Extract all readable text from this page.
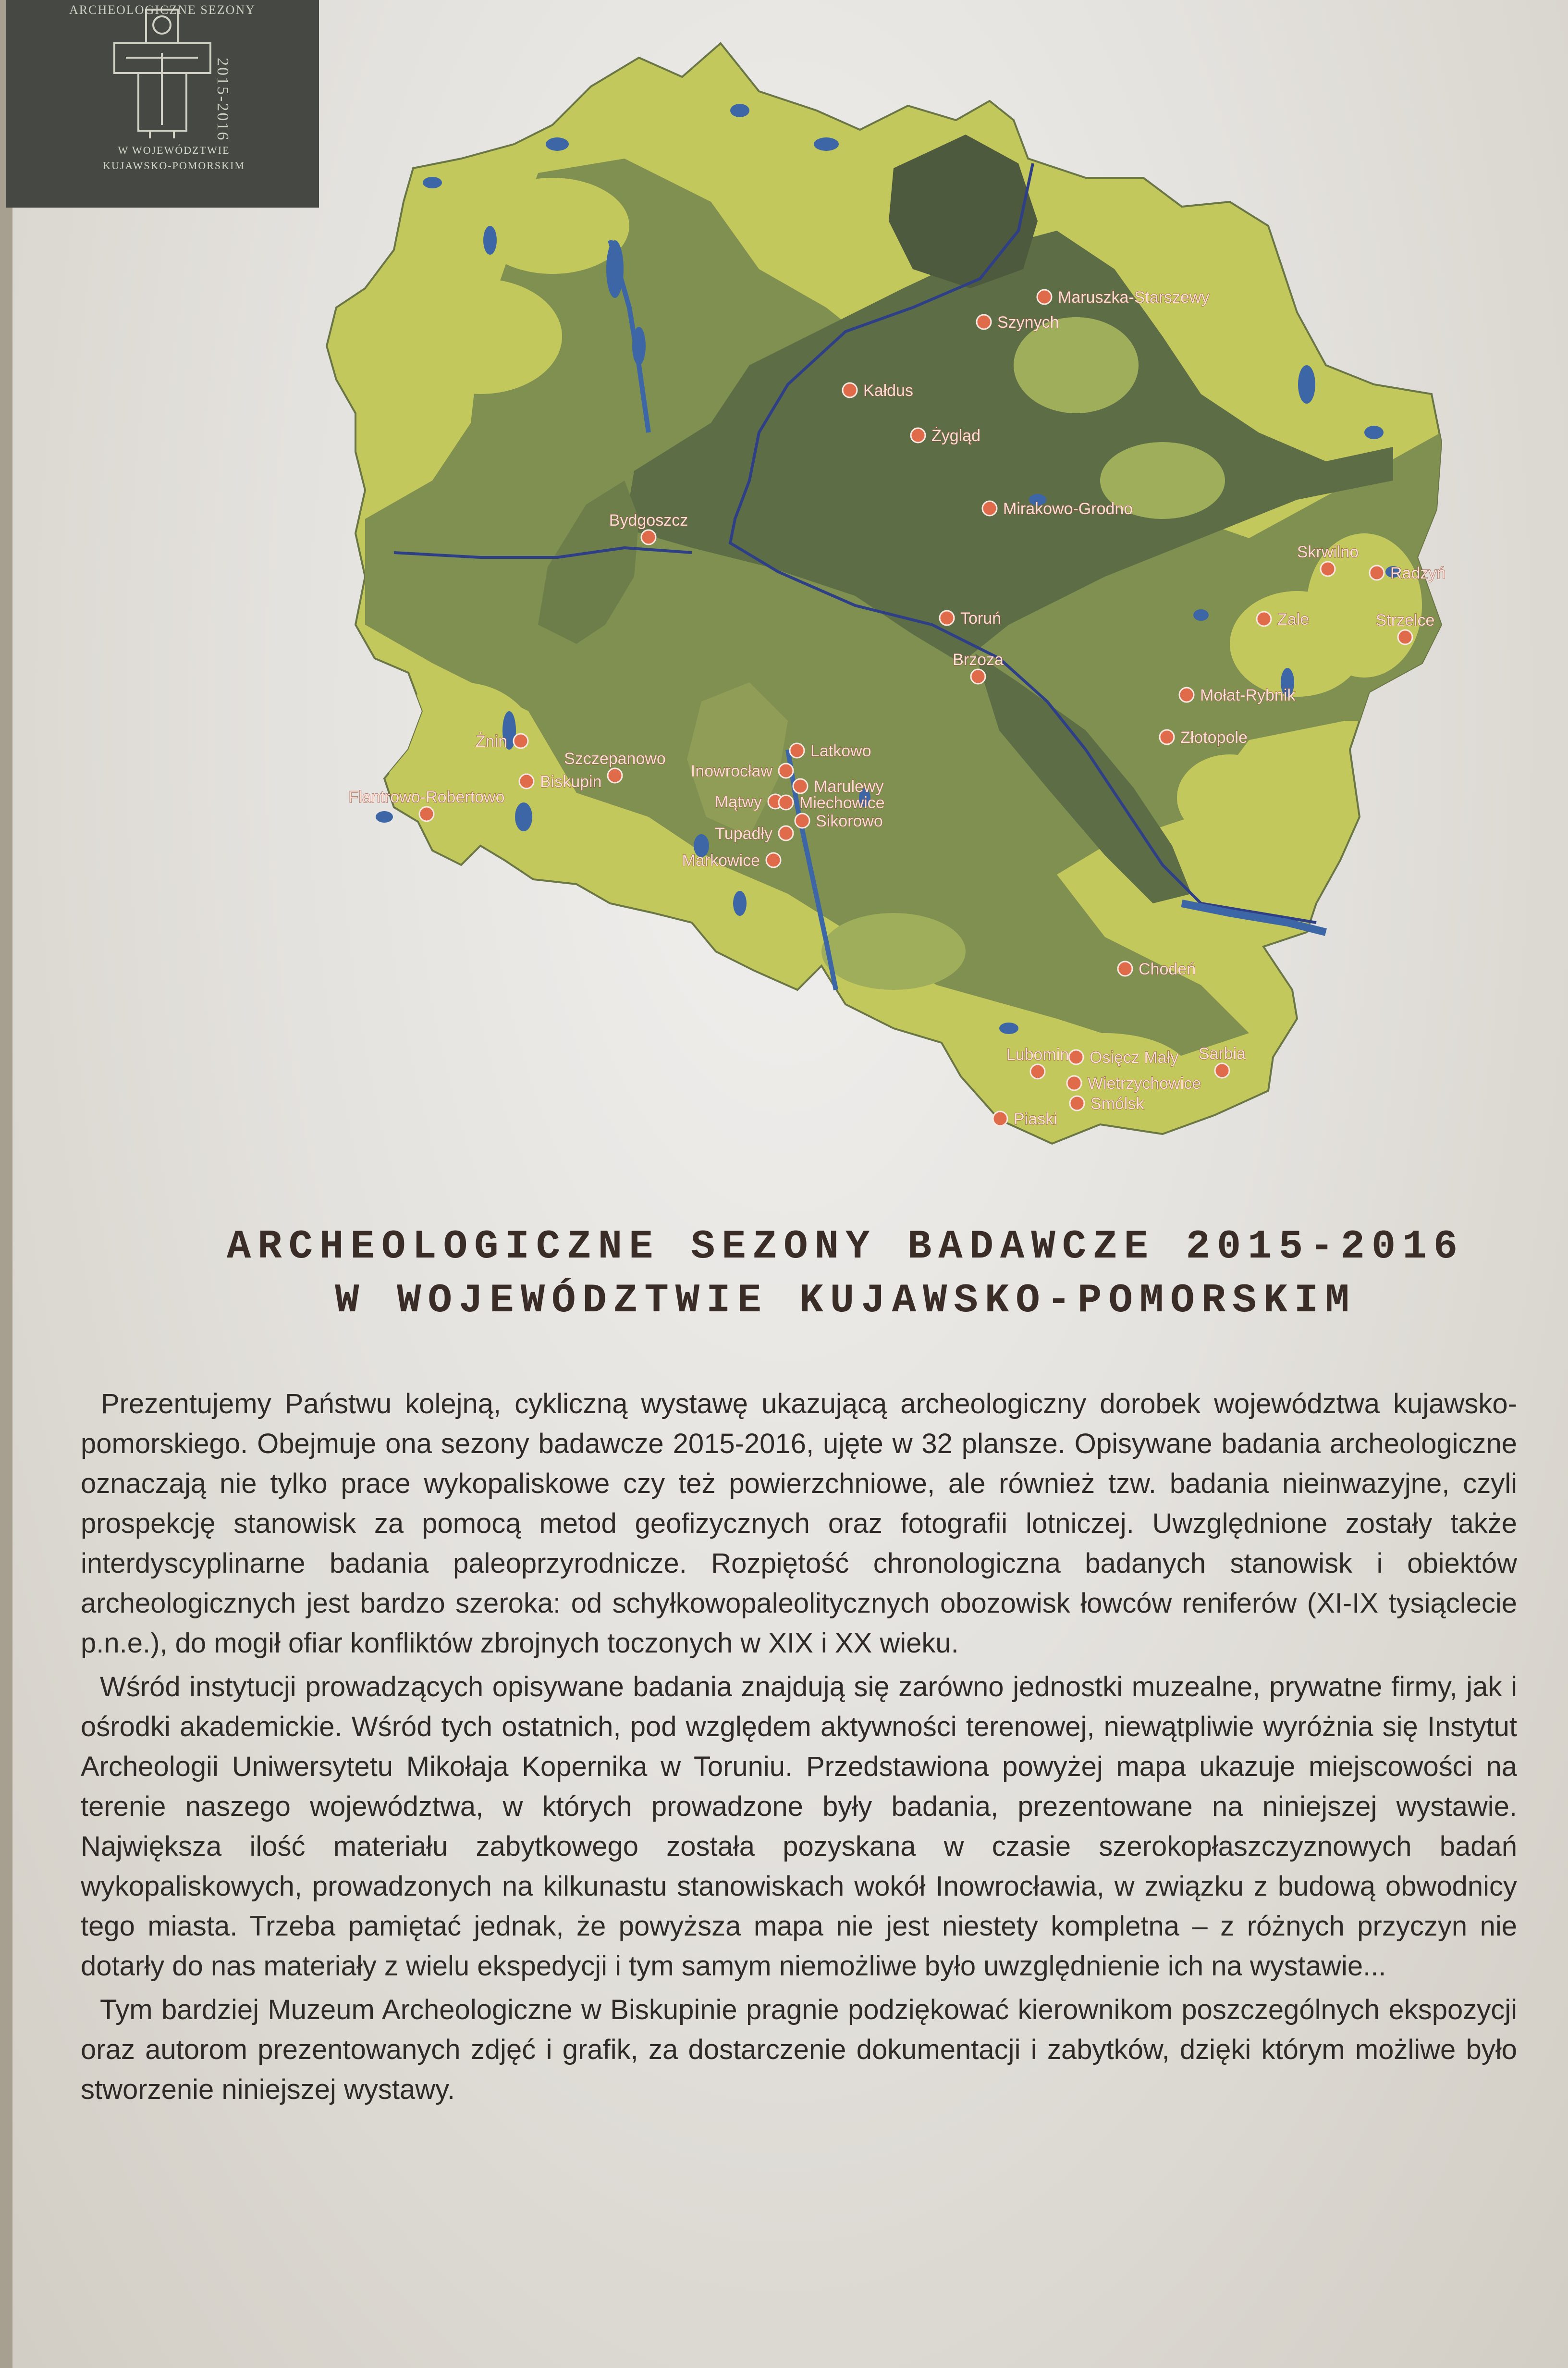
ARCHEOLOGICZNE SEZONY
2015-2016
W WOJEWÓDZTWIE
KUJAWSKO-POMORSKIM
Maruszka-Starszewy
Szynych
Kałdus
Żygląd
Mirakowo-Grodno
Bydgoszcz
Skrwilno
Radzyń
Toruń	Zale	Strzelce
Brzoza
Mołat-Rybnik
Złotopole
Żnin
Latkowo
Szczepanowo
Inowrocław
Biskupin	Marulewy
Mątwy Miechowice
Sikorowo
Flantrowo-Robertowo
Tupadły
Markowice
Chodeń
Lubomin Osięcz Mały Sarbia
Wietrzychowice
Smólsk
Piaski
ARCHEOLOGICZNE SEZONY BADAWCZE 2015-2016
W WOJEWÓDZTWIE KUJAWSKO-POMORSKIM

Prezentujemy Państwu kolejną, cykliczną wystawę ukazującą archeologiczny dorobek województwa kujawsko-pomorskiego. Obejmuje ona sezony badawcze 2015-2016, ujęte w 32 plansze. Opisywane badania archeologiczne oznaczają nie tylko prace wykopaliskowe czy też powierzchniowe, ale również tzw. badania nieinwazyjne, czyli prospekcję stanowisk za pomocą metod geofizycznych oraz fotografii lotniczej. Uwzględnione zostały także interdyscyplinarne badania paleoprzyrodnicze. Rozpiętość chronologiczna badanych stanowisk i obiektów archeologicznych jest bardzo szeroka: od schyłkowopaleolitycznych obozowisk łowców reniferów (XI-IX tysiąclecie p.n.e.), do mogił ofiar konfliktów zbrojnych toczonych w XIX i XX wieku.

Wśród instytucji prowadzących opisywane badania znajdują się zarówno jednostki muzealne, prywatne firmy, jak i ośrodki akademickie. Wśród tych ostatnich, pod względem aktywności terenowej, niewątpliwie wyróżnia się Instytut Archeologii Uniwersytetu Mikołaja Kopernika w Toruniu. Przedstawiona powyżej mapa ukazuje miejscowości na terenie naszego województwa, w których prowadzone były badania, prezentowane na niniejszej wystawie. Największa ilość materiału zabytkowego została pozyskana w czasie szerokopłaszczyznowych badań wykopaliskowych, prowadzonych na kilkunastu stanowiskach wokół Inowrocławia, w związku z budową obwodnicy tego miasta. Trzeba pamiętać jednak, że powyższa mapa nie jest niestety kompletna – z różnych przyczyn nie dotarły do nas materiały z wielu ekspedycji i tym samym niemożliwe było uwzględnienie ich na wystawie...

Tym bardziej Muzeum Archeologiczne w Biskupinie pragnie podziękować kierownikom poszczególnych ekspozycji oraz autorom prezentowanych zdjęć i grafik, za dostarczenie dokumentacji i zabytków, dzięki którym możliwe było stworzenie niniejszej wystawy.
